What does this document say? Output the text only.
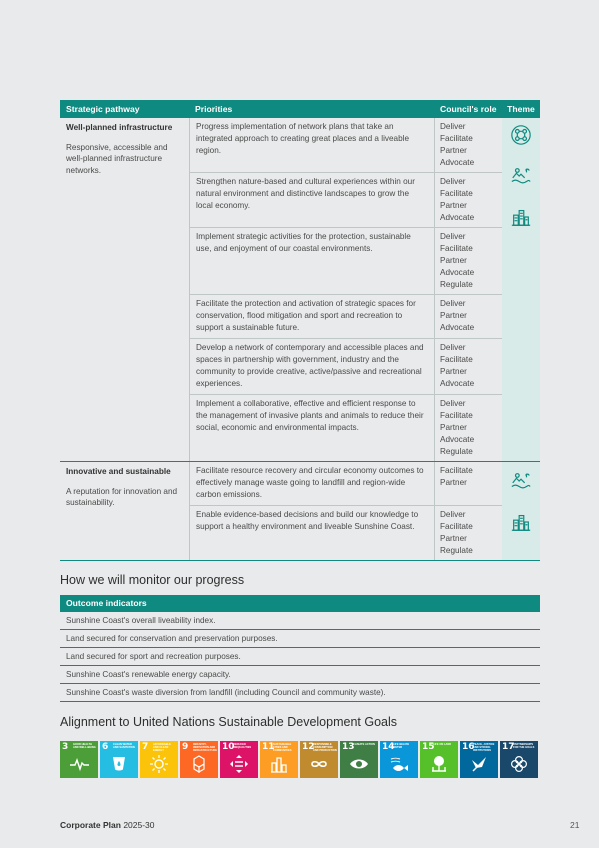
Strategic pathway	Priorities	Council's role	Theme
Well-planned infrastructure
Responsive, accessible and well-planned infrastructure networks.
Progress implementation of network plans that take an integrated approach to creating great places and a liveable region.
Deliver
Facilitate
Partner
Advocate
Strengthen nature-based and cultural experiences within our natural environment and distinctive landscapes to grow the local economy.
Deliver
Facilitate
Partner
Advocate
Implement strategic activities for the protection, sustainable use, and enjoyment of our coastal environments.
Deliver
Facilitate
Partner
Advocate
Regulate
Facilitate the protection and activation of strategic spaces for conservation, flood mitigation and sport and recreation to support a sustainable future.
Deliver
Partner
Advocate
Develop a network of contemporary and accessible places and spaces in partnership with government, industry and the community to provide creative, active/passive and recreational experiences.
Deliver
Facilitate
Partner
Advocate
Implement a collaborative, effective and efficient response to the management of invasive plants and animals to reduce their social, economic and environmental impacts.
Deliver
Facilitate
Partner
Advocate
Regulate
Innovative and sustainable
A reputation for innovation and sustainability.
Facilitate resource recovery and circular economy outcomes to effectively manage waste going to landfill and region-wide carbon emissions.
Facilitate
Partner
Enable evidence-based decisions and build our knowledge to support a healthy environment and liveable Sunshine Coast.
Deliver
Facilitate
Partner
Regulate
How we will monitor our progress
Outcome indicators
Sunshine Coast's overall liveability index.
Land secured for conservation and preservation purposes.
Land secured for sport and recreation purposes.
Sunshine Coast's renewable energy capacity.
Sunshine Coast's waste diversion from landfill (including Council and community waste).
Alignment to United Nations Sustainable Development Goals
3 GOOD HEALTH AND WELL-BEING 6 CLEAN WATER AND SANITATION 7 AFFORDABLE AND CLEAN ENERGY	9 INDUSTRY, INNOVATION AND INFRASTRUCTURE 10
REDUCED INEQUALITIES	11
SUSTAINABLE CITIES AND COMMUNITIES	12
RESPONSIBLE CONSUMPTION AND PRODUCTION 13
CLIMATE ACTION 14
LIFE BELOW WATER	15
LIFE ON LAND	16
PEACE, JUSTICE AND STRONG INSTITUTIONS	17
PARTNERSHIPS FOR THE GOALS
Corporate Plan 2025-30	21
